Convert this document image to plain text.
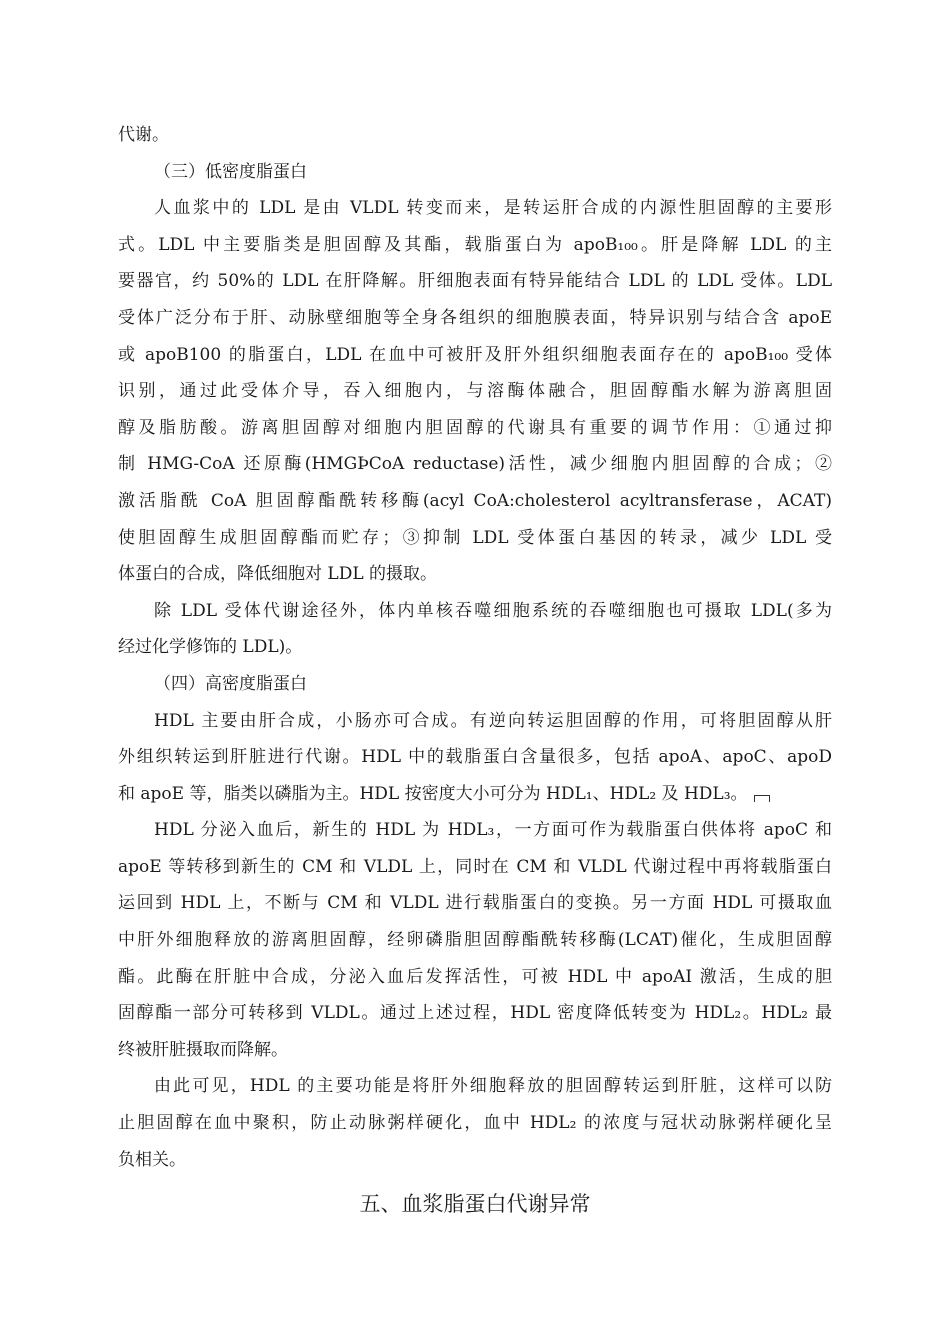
代谢。
（三）低密度脂蛋白
人血浆中的 LDL 是由 VLDL 转变而来，是转运肝合成的内源性胆固醇的主要形
式。LDL 中主要脂类是胆固醇及其酯，载脂蛋白为 apoB₁₀₀。肝是降解 LDL 的主
要器官，约 50%的 LDL 在肝降解。肝细胞表面有特异能结合 LDL 的 LDL 受体。LDL
受体广泛分布于肝、动脉壁细胞等全身各组织的细胞膜表面，特异识别与结合含 apoE
或 apoB100 的脂蛋白，LDL 在血中可被肝及肝外组织细胞表面存在的 apoB₁₀₀ 受体
识别，通过此受体介导，吞入细胞内，与溶酶体融合，胆固醇酯水解为游离胆固
醇及脂肪酸。游离胆固醇对细胞内胆固醇的代谢具有重要的调节作用：①通过抑
制 HMG-CoA 还原酶(HMGÞCoA reductase)活性，减少细胞内胆固醇的合成；②
激活脂酰 CoA 胆固醇酯酰转移酶(acyl CoA:cholesterol acyltransferase，ACAT)
使胆固醇生成胆固醇酯而贮存；③抑制 LDL 受体蛋白基因的转录，减少 LDL 受
体蛋白的合成，降低细胞对 LDL 的摄取。
除 LDL 受体代谢途径外，体内单核吞噬细胞系统的吞噬细胞也可摄取 LDL(多为
经过化学修饰的 LDL)。
（四）高密度脂蛋白
HDL 主要由肝合成，小肠亦可合成。有逆向转运胆固醇的作用，可将胆固醇从肝
外组织转运到肝脏进行代谢。HDL 中的载脂蛋白含量很多，包括 apoA、apoC、apoD
和 apoE 等，脂类以磷脂为主。HDL 按密度大小可分为 HDL₁、HDL₂ 及 HDL₃。
HDL 分泌入血后，新生的 HDL 为 HDL₃，一方面可作为载脂蛋白供体将 apoC 和
apoE 等转移到新生的 CM 和 VLDL 上，同时在 CM 和 VLDL 代谢过程中再将载脂蛋白
运回到 HDL 上，不断与 CM 和 VLDL 进行载脂蛋白的变换。另一方面 HDL 可摄取血
中肝外细胞释放的游离胆固醇，经卵磷脂胆固醇酯酰转移酶(LCAT)催化，生成胆固醇
酯。此酶在肝脏中合成，分泌入血后发挥活性，可被 HDL 中 apoAI 激活，生成的胆
固醇酯一部分可转移到 VLDL。通过上述过程，HDL 密度降低转变为 HDL₂。HDL₂ 最
终被肝脏摄取而降解。
由此可见，HDL 的主要功能是将肝外细胞释放的胆固醇转运到肝脏，这样可以防
止胆固醇在血中聚积，防止动脉粥样硬化，血中 HDL₂ 的浓度与冠状动脉粥样硬化呈
负相关。
五、血浆脂蛋白代谢异常
